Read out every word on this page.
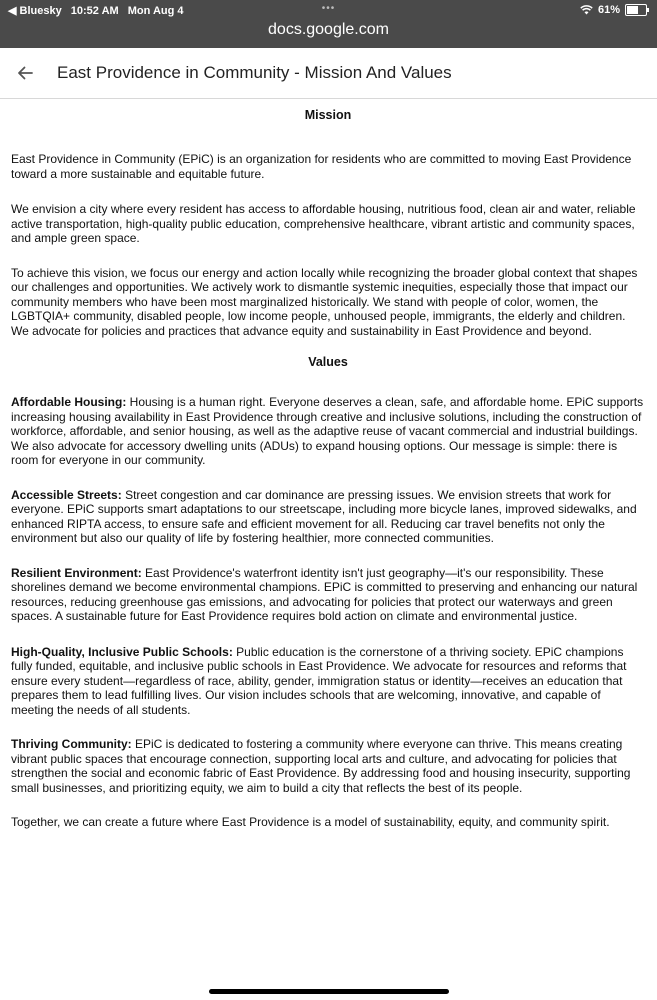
◀ Bluesky 10:52 AM Mon Aug 4	•••
docs.google.com
61%
East Providence in Community - Mission And Values
Mission

East Providence in Community (EPiC) is an organization for residents who are committed to moving East Providence toward a more sustainable and equitable future.

We envision a city where every resident has access to affordable housing, nutritious food, clean air and water, reliable active transportation, high-quality public education, comprehensive healthcare, vibrant artistic and community spaces, and ample green space.

To achieve this vision, we focus our energy and action locally while recognizing the broader global context that shapes our challenges and opportunities. We actively work to dismantle systemic inequities, especially those that impact our community members who have been most marginalized historically. We stand with people of color, women, the LGBTQIA+ community, disabled people, low income people, unhoused people, immigrants, the elderly and children. We advocate for policies and practices that advance equity and sustainability in East Providence and beyond.

Values

Affordable Housing: Housing is a human right. Everyone deserves a clean, safe, and affordable home. EPiC supports increasing housing availability in East Providence through creative and inclusive solutions, including the construction of workforce, affordable, and senior housing, as well as the adaptive reuse of vacant commercial and industrial buildings. We also advocate for accessory dwelling units (ADUs) to expand housing options. Our message is simple: there is room for everyone in our community.

Accessible Streets: Street congestion and car dominance are pressing issues. We envision streets that work for everyone. EPiC supports smart adaptations to our streetscape, including more bicycle lanes, improved sidewalks, and enhanced RIPTA access, to ensure safe and efficient movement for all. Reducing car travel benefits not only the environment but also our quality of life by fostering healthier, more connected communities.

Resilient Environment: East Providence's waterfront identity isn't just geography—it's our responsibility. These shorelines demand we become environmental champions. EPiC is committed to preserving and enhancing our natural resources, reducing greenhouse gas emissions, and advocating for policies that protect our waterways and green spaces. A sustainable future for East Providence requires bold action on climate and environmental justice.

High-Quality, Inclusive Public Schools: Public education is the cornerstone of a thriving society. EPiC champions fully funded, equitable, and inclusive public schools in East Providence. We advocate for resources and reforms that ensure every student—regardless of race, ability, gender, immigration status or identity—receives an education that prepares them to lead fulfilling lives. Our vision includes schools that are welcoming, innovative, and capable of meeting the needs of all students.

Thriving Community: EPiC is dedicated to fostering a community where everyone can thrive. This means creating vibrant public spaces that encourage connection, supporting local arts and culture, and advocating for policies that strengthen the social and economic fabric of East Providence. By addressing food and housing insecurity, supporting small businesses, and prioritizing equity, we aim to build a city that reflects the best of its people.

Together, we can create a future where East Providence is a model of sustainability, equity, and community spirit.
